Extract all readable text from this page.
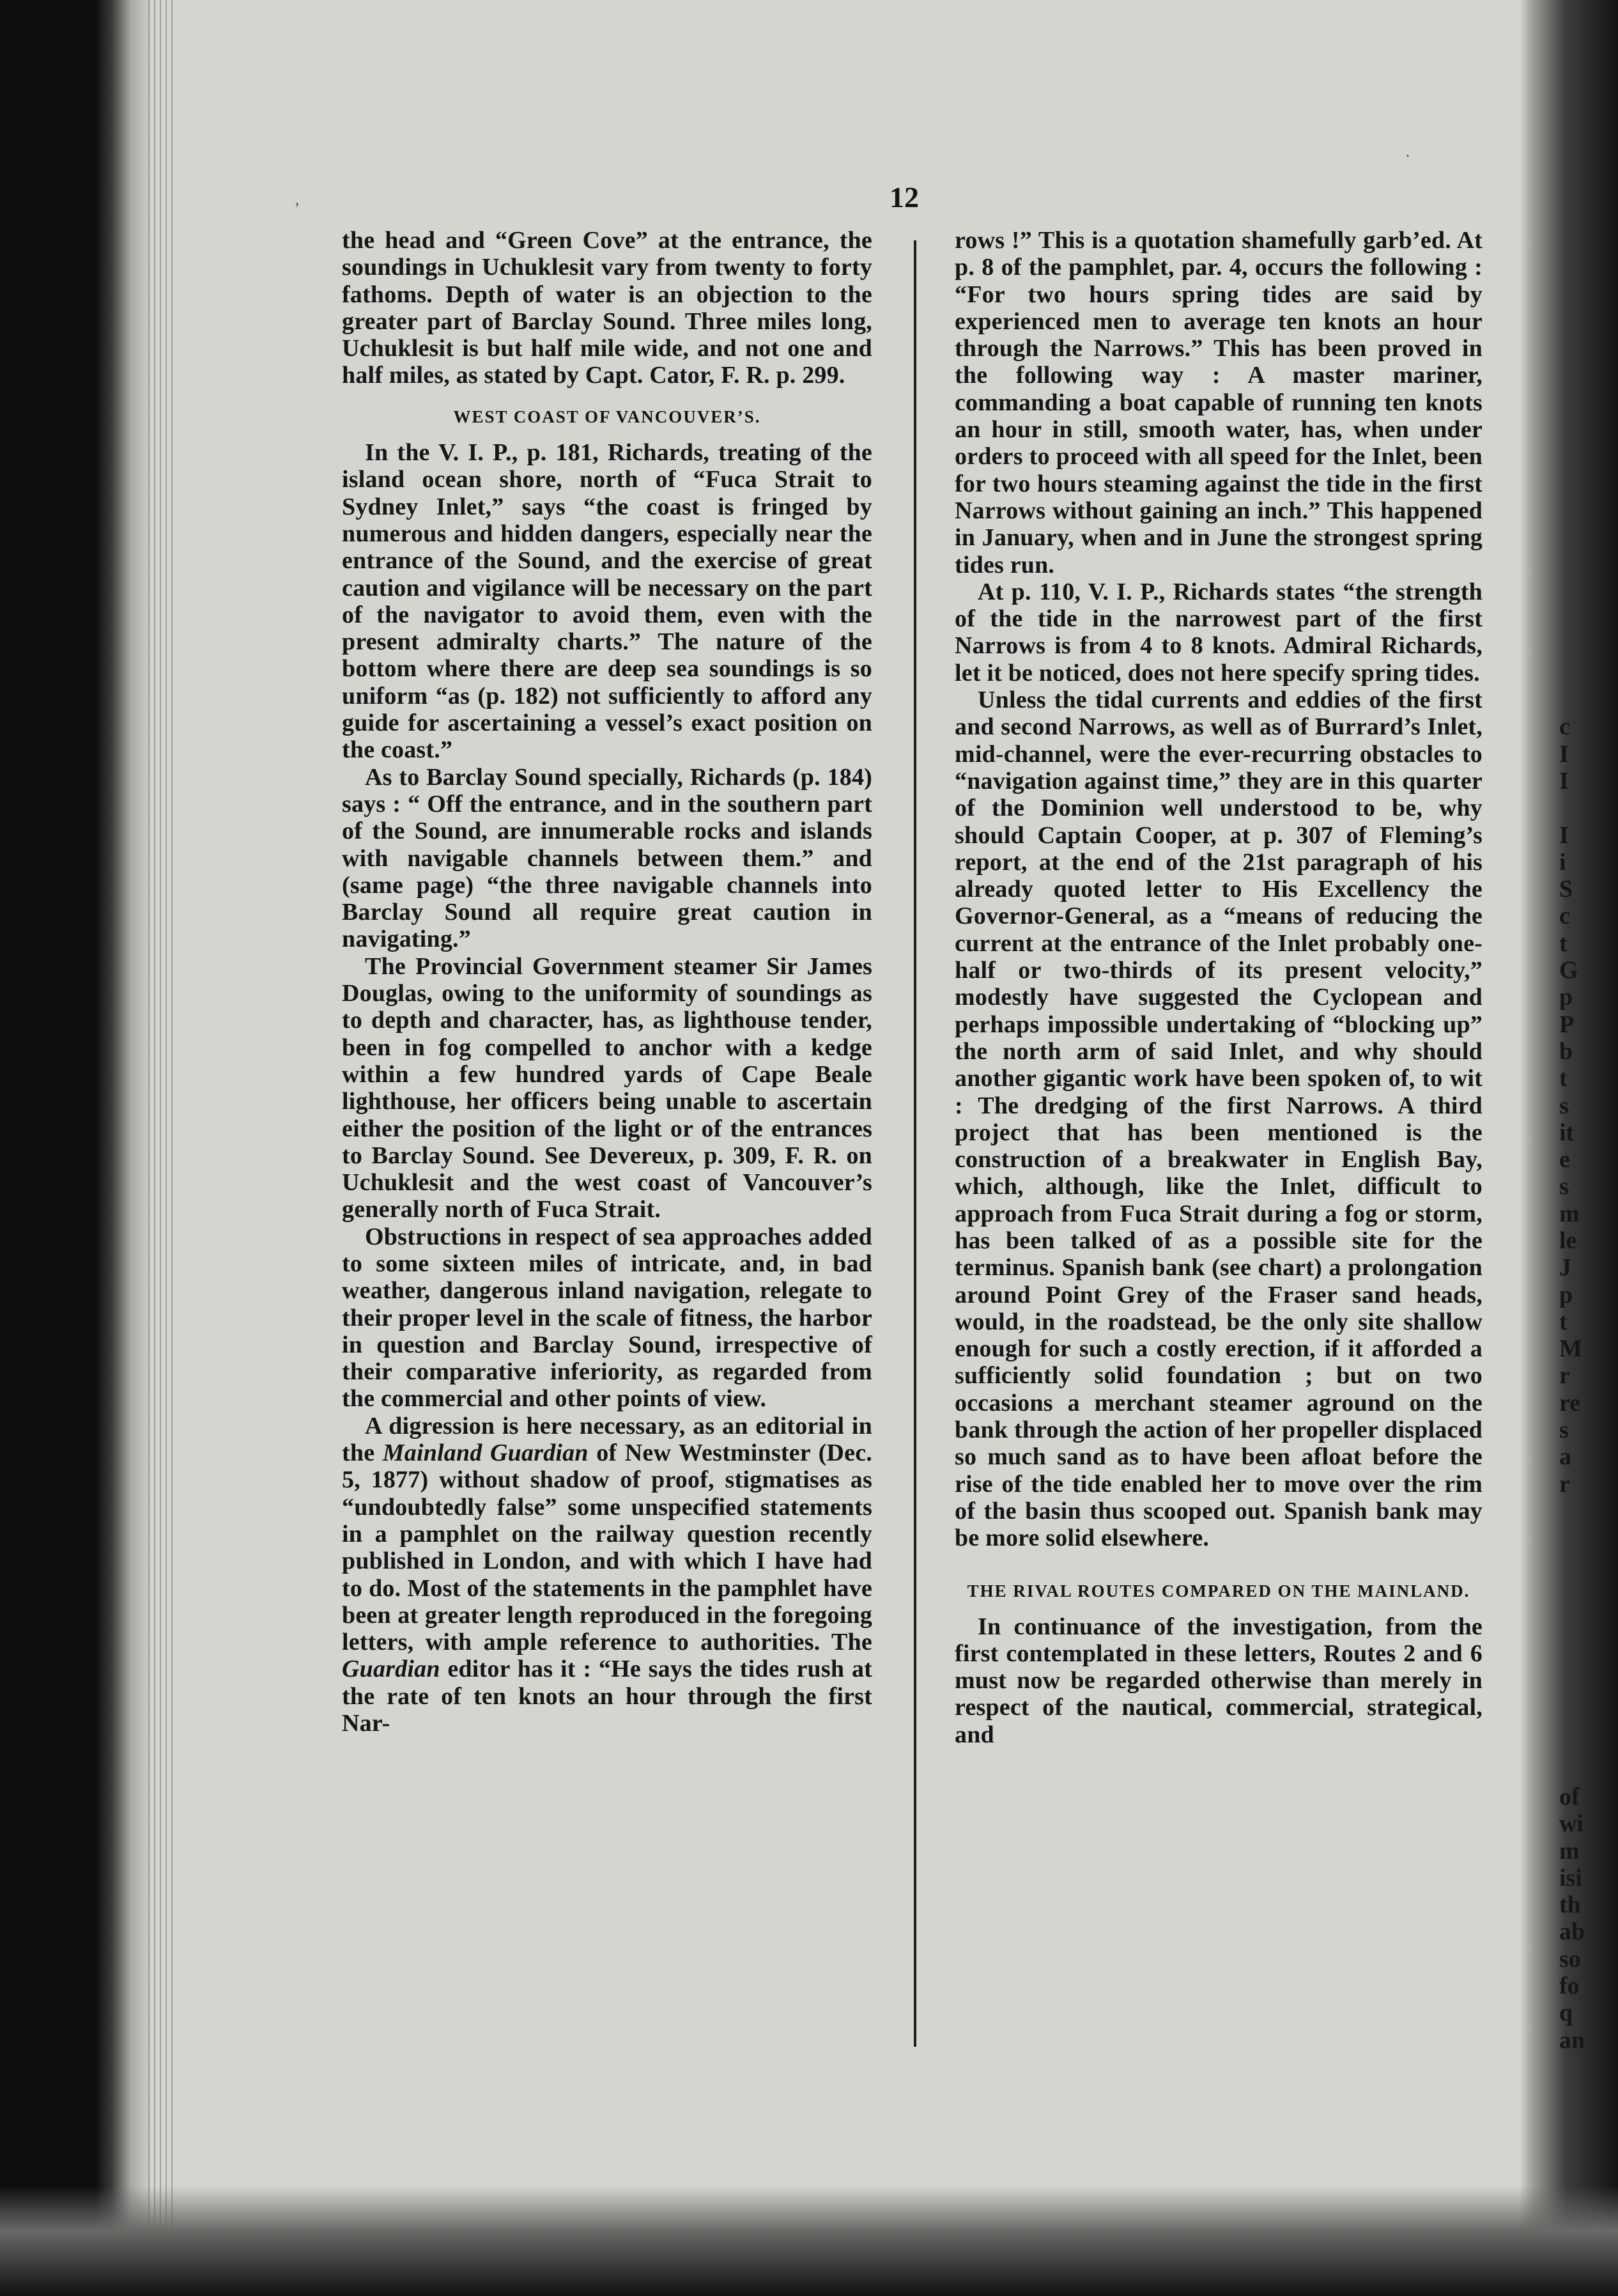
12

the head and “Green Cove” at the entrance, the soundings in Uchuklesit vary from twenty to forty fathoms. Depth of water is an objection to the greater part of Barclay Sound. Three miles long, Uchuklesit is but half mile wide, and not one and half miles, as stated by Capt. Cator, F. R. p. 299.

WEST COAST OF VANCOUVER’S.

In the V. I. P., p. 181, Richards, treating of the island ocean shore, north of “Fuca Strait to Sydney Inlet,” says “the coast is fringed by numerous and hidden dangers, especially near the entrance of the Sound, and the exercise of great caution and vigilance will be necessary on the part of the navigator to avoid them, even with the present admiralty charts.” The nature of the bottom where there are deep sea soundings is so uniform “as (p. 182) not sufficiently to afford any guide for ascertaining a vessel’s exact position on the coast.”

As to Barclay Sound specially, Richards (p. 184) says : “ Off the entrance, and in the southern part of the Sound, are innumerable rocks and islands with navigable channels between them.” and (same page) “the three navigable channels into Barclay Sound all require great caution in navigating.”

The Provincial Government steamer Sir James Douglas, owing to the uniformity of soundings as to depth and character, has, as lighthouse tender, been in fog compelled to anchor with a kedge within a few hundred yards of Cape Beale lighthouse, her officers being unable to ascertain either the position of the light or of the entrances to Barclay Sound. See Devereux, p. 309, F. R. on Uchuklesit and the west coast of Vancouver’s generally north of Fuca Strait.

Obstructions in respect of sea approaches added to some sixteen miles of intricate, and, in bad weather, dangerous inland navigation, relegate to their proper level in the scale of fitness, the harbor in question and Barclay Sound, irrespective of their comparative inferiority, as regarded from the commercial and other points of view.

A digression is here necessary, as an editorial in the Mainland Guardian of New Westminster (Dec. 5, 1877) without shadow of proof, stigmatises as “undoubtedly false” some unspecified statements in a pamphlet on the railway question recently published in London, and with which I have had to do. Most of the statements in the pamphlet have been at greater length reproduced in the foregoing letters, with ample reference to authorities. The Guardian editor has it : “He says the tides rush at the rate of ten knots an hour through the first Nar-

rows !” This is a quotation shamefully garb’ed. At p. 8 of the pamphlet, par. 4, occurs the following : “For two hours spring tides are said by experienced men to average ten knots an hour through the Narrows.” This has been proved in the following way : A master mariner, commanding a boat capable of running ten knots an hour in still, smooth water, has, when under orders to proceed with all speed for the Inlet, been for two hours steaming against the tide in the first Narrows without gaining an inch.” This happened in January, when and in June the strongest spring tides run.

At p. 110, V. I. P., Richards states “the strength of the tide in the narrowest part of the first Narrows is from 4 to 8 knots. Admiral Richards, let it be noticed, does not here specify spring tides.

Unless the tidal currents and eddies of the first and second Narrows, as well as of Burrard’s Inlet, mid-channel, were the ever-recurring obstacles to “navigation against time,” they are in this quarter of the Dominion well understood to be, why should Captain Cooper, at p. 307 of Fleming’s report, at the end of the 21st paragraph of his already quoted letter to His Excellency the Governor-General, as a “means of reducing the current at the entrance of the Inlet probably one-half or two-thirds of its present velocity,” modestly have suggested the Cyclopean and perhaps impossible undertaking of “blocking up” the north arm of said Inlet, and why should another gigantic work have been spoken of, to wit : The dredging of the first Narrows. A third project that has been mentioned is the construction of a breakwater in English Bay, which, although, like the Inlet, difficult to approach from Fuca Strait during a fog or storm, has been talked of as a possible site for the terminus. Spanish bank (see chart) a prolongation around Point Grey of the Fraser sand heads, would, in the roadstead, be the only site shallow enough for such a costly erection, if it afforded a sufficiently solid foundation ; but on two occasions a merchant steamer aground on the bank through the action of her propeller displaced so much sand as to have been afloat before the rise of the tide enabled her to move over the rim of the basin thus scooped out. Spanish bank may be more solid elsewhere.

THE RIVAL ROUTES COMPARED ON THE MAINLAND.

In continuance of the investigation, from the first contemplated in these letters, Routes 2 and 6 must now be regarded otherwise than merely in respect of the nautical, commercial, strategical, and

c
I
I
I
i
S
c
t
G
p
P
b
t
s
it
e
s
m
le
J
p
t
M
r
re
s
a
r
of
wi
m
isi
th
ab
so
fo
q
an
,
.
